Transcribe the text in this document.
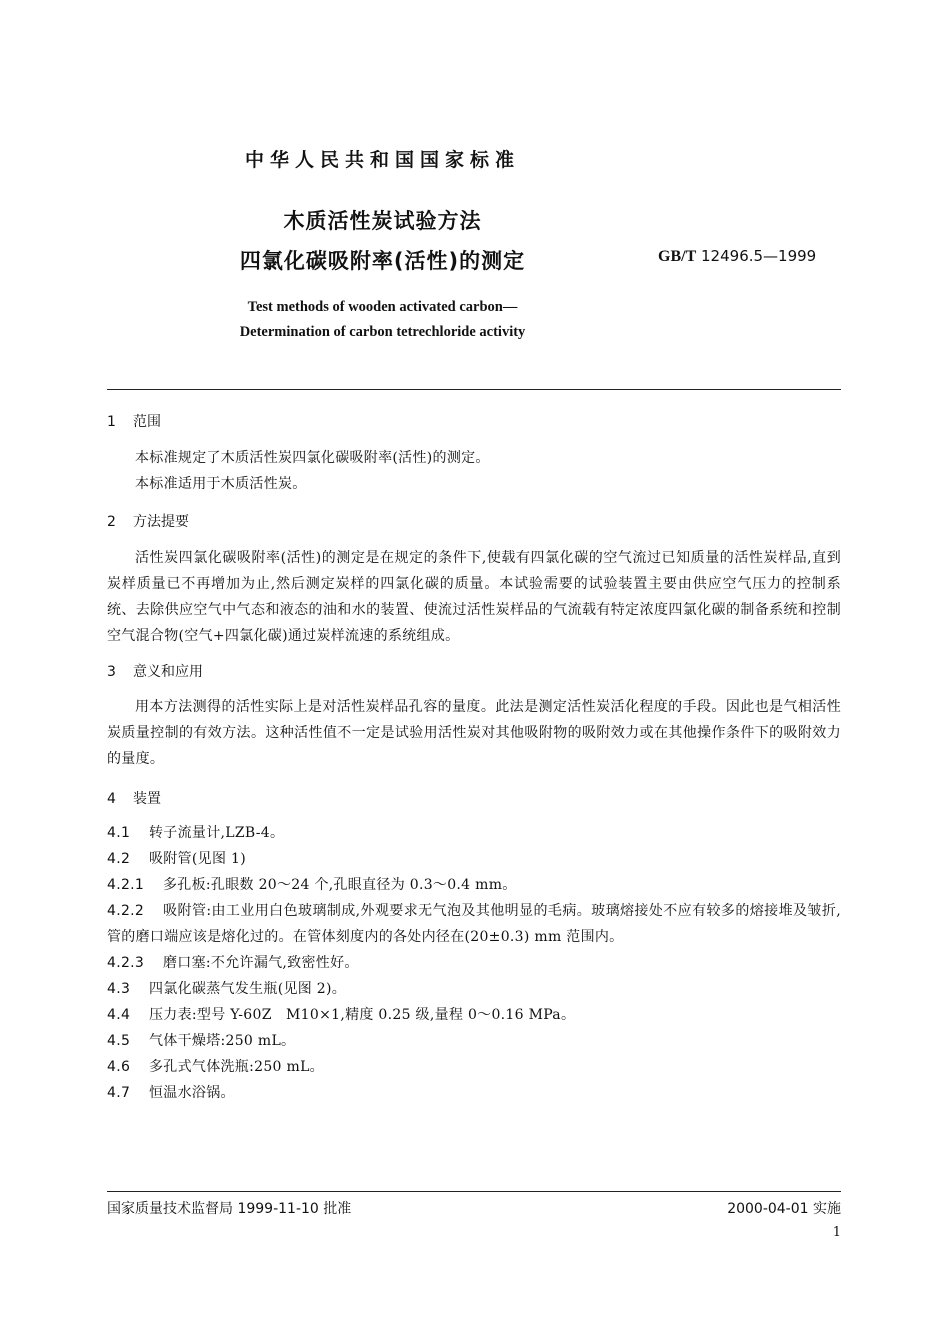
中华人民共和国国家标准
木质活性炭试验方法
四氯化碳吸附率(活性)的测定	GB/T 12496.5—1999
Test methods of wooden activated carbon—
Determination of carbon tetrechloride activity
1 范围
本标准规定了木质活性炭四氯化碳吸附率(活性)的测定。
本标准适用于木质活性炭。
2 方法提要
活性炭四氯化碳吸附率(活性)的测定是在规定的条件下,使载有四氯化碳的空气流过已知质量的活性炭样品,直到炭样质量已不再增加为止,然后测定炭样的四氯化碳的质量。本试验需要的试验装置主要由供应空气压力的控制系统、去除供应空气中气态和液态的油和水的装置、使流过活性炭样品的气流载有特定浓度四氯化碳的制备系统和控制空气混合物(空气+四氯化碳)通过炭样流速的系统组成。
3 意义和应用
用本方法测得的活性实际上是对活性炭样品孔容的量度。此法是测定活性炭活化程度的手段。因此也是气相活性炭质量控制的有效方法。这种活性值不一定是试验用活性炭对其他吸附物的吸附效力或在其他操作条件下的吸附效力的量度。
4 装置
4.1 转子流量计,LZB-4。
4.2 吸附管(见图 1)
4.2.1 多孔板:孔眼数 20～24 个,孔眼直径为 0.3～0.4 mm。
4.2.2 吸附管:由工业用白色玻璃制成,外观要求无气泡及其他明显的毛病。玻璃熔接处不应有较多的熔接堆及皱折,管的磨口端应该是熔化过的。在管体刻度内的各处内径在(20±0.3) mm 范围内。
4.2.3 磨口塞:不允许漏气,致密性好。
4.3 四氯化碳蒸气发生瓶(见图 2)。
4.4 压力表:型号 Y-60Z　M10×1,精度 0.25 级,量程 0～0.16 MPa。
4.5 气体干燥塔:250 mL。
4.6 多孔式气体洗瓶:250 mL。
4.7 恒温水浴锅。
国家质量技术监督局 1999-11-10 批准	2000-04-01 实施
1
